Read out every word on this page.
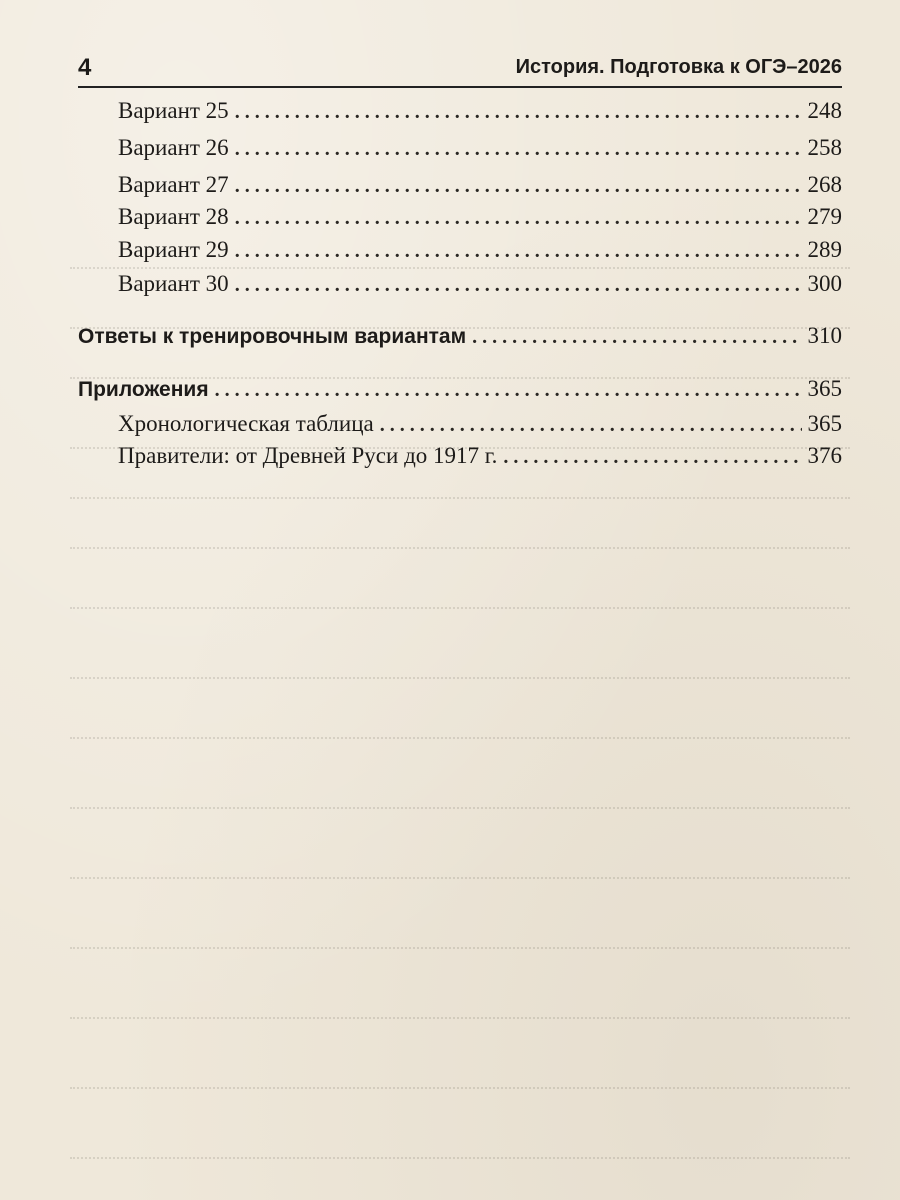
4	История. Подготовка к ОГЭ–2026
Вариант 25 . . .	248
Вариант 26 . . .	258
Вариант 27 . . .	268
Вариант 28 . . .	279
Вариант 29 . . .	289
Вариант 30 . . .	300
Ответы к тренировочным вариантам . . .	310
Приложения . . .	365
Хронологическая таблица . . .	365
Правители: от Древней Руси до 1917 г. . . .	376
